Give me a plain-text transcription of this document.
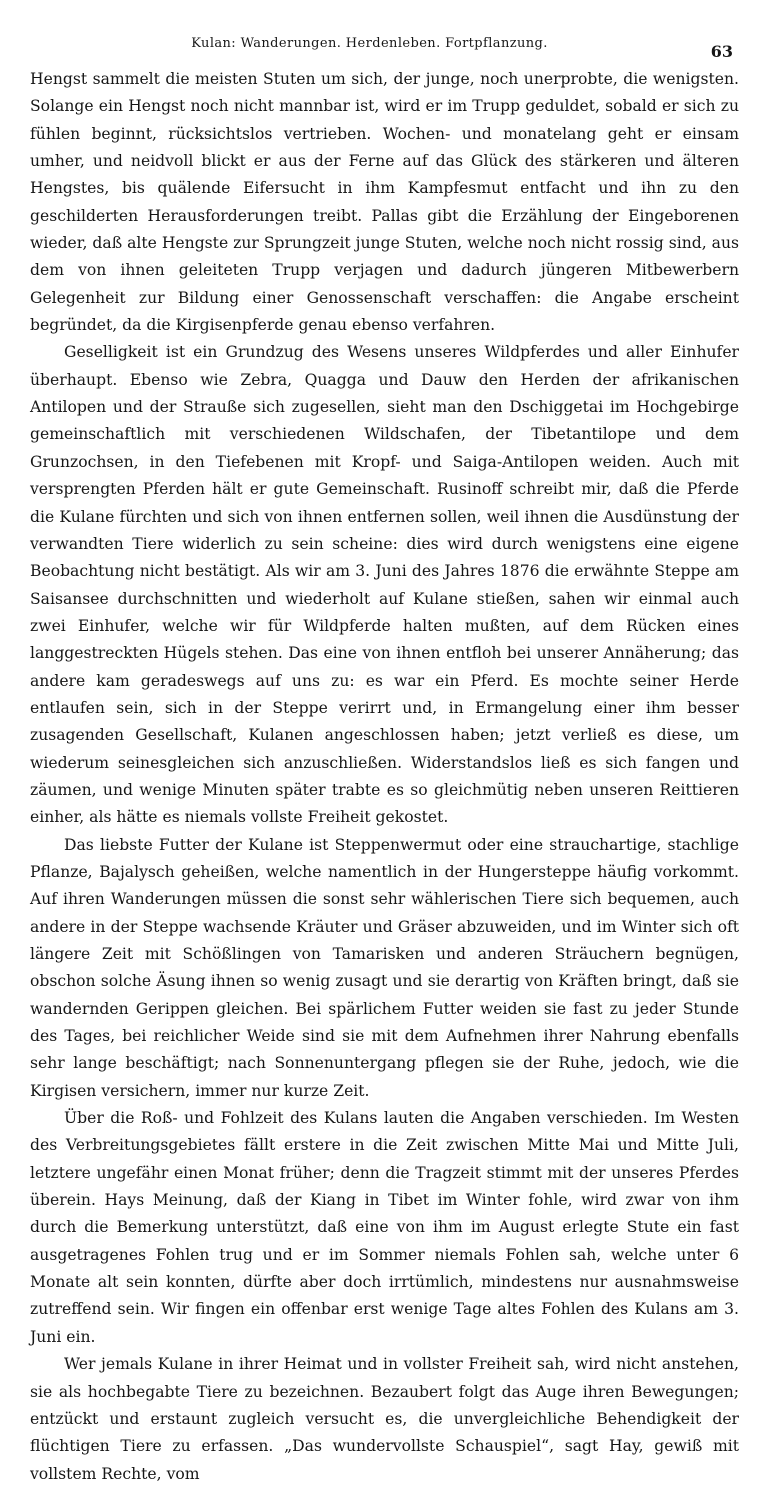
Kulan: Wanderungen. Herdenleben. Fortpflanzung.	63

Hengst sammelt die meisten Stuten um sich, der junge, noch unerprobte, die wenigsten. Solange ein Hengst noch nicht mannbar ist, wird er im Trupp geduldet, sobald er sich zu fühlen beginnt, rücksichtslos vertrieben. Wochen- und monatelang geht er einsam umher, und neidvoll blickt er aus der Ferne auf das Glück des stärkeren und älteren Hengstes, bis quälende Eifersucht in ihm Kampfesmut entfacht und ihn zu den geschilderten Herausforderungen treibt. Pallas gibt die Erzählung der Eingeborenen wieder, daß alte Hengste zur Sprungzeit junge Stuten, welche noch nicht rossig sind, aus dem von ihnen geleiteten Trupp verjagen und dadurch jüngeren Mitbewerbern Gelegenheit zur Bildung einer Genossenschaft verschaffen: die Angabe erscheint begründet, da die Kirgisenpferde genau ebenso verfahren.

Geselligkeit ist ein Grundzug des Wesens unseres Wildpferdes und aller Einhufer überhaupt. Ebenso wie Zebra, Quagga und Dauw den Herden der afrikanischen Antilopen und der Strauße sich zugesellen, sieht man den Dschiggetai im Hochgebirge gemeinschaftlich mit verschiedenen Wildschafen, der Tibetantilope und dem Grunzochsen, in den Tiefebenen mit Kropf- und Saiga-Antilopen weiden. Auch mit versprengten Pferden hält er gute Gemeinschaft. Rusinoff schreibt mir, daß die Pferde die Kulane fürchten und sich von ihnen entfernen sollen, weil ihnen die Ausdünstung der verwandten Tiere widerlich zu sein scheine: dies wird durch wenigstens eine eigene Beobachtung nicht bestätigt. Als wir am 3. Juni des Jahres 1876 die erwähnte Steppe am Saisansee durchschnitten und wiederholt auf Kulane stießen, sahen wir einmal auch zwei Einhufer, welche wir für Wildpferde halten mußten, auf dem Rücken eines langgestreckten Hügels stehen. Das eine von ihnen entfloh bei unserer Annäherung; das andere kam geradeswegs auf uns zu: es war ein Pferd. Es mochte seiner Herde entlaufen sein, sich in der Steppe verirrt und, in Ermangelung einer ihm besser zusagenden Gesellschaft, Kulanen angeschlossen haben; jetzt verließ es diese, um wiederum seinesgleichen sich anzuschließen. Widerstandslos ließ es sich fangen und zäumen, und wenige Minuten später trabte es so gleichmütig neben unseren Reittieren einher, als hätte es niemals vollste Freiheit gekostet.

Das liebste Futter der Kulane ist Steppenwermut oder eine strauchartige, stachlige Pflanze, Bajalysch geheißen, welche namentlich in der Hungersteppe häufig vorkommt. Auf ihren Wanderungen müssen die sonst sehr wählerischen Tiere sich bequemen, auch andere in der Steppe wachsende Kräuter und Gräser abzuweiden, und im Winter sich oft längere Zeit mit Schößlingen von Tamarisken und anderen Sträuchern begnügen, obschon solche Äsung ihnen so wenig zusagt und sie derartig von Kräften bringt, daß sie wandernden Gerippen gleichen. Bei spärlichem Futter weiden sie fast zu jeder Stunde des Tages, bei reichlicher Weide sind sie mit dem Aufnehmen ihrer Nahrung ebenfalls sehr lange beschäftigt; nach Sonnenuntergang pflegen sie der Ruhe, jedoch, wie die Kirgisen versichern, immer nur kurze Zeit.

Über die Roß- und Fohlzeit des Kulans lauten die Angaben verschieden. Im Westen des Verbreitungsgebietes fällt erstere in die Zeit zwischen Mitte Mai und Mitte Juli, letztere ungefähr einen Monat früher; denn die Tragzeit stimmt mit der unseres Pferdes überein. Hays Meinung, daß der Kiang in Tibet im Winter fohle, wird zwar von ihm durch die Bemerkung unterstützt, daß eine von ihm im August erlegte Stute ein fast ausgetragenes Fohlen trug und er im Sommer niemals Fohlen sah, welche unter 6 Monate alt sein konnten, dürfte aber doch irrtümlich, mindestens nur ausnahmsweise zutreffend sein. Wir fingen ein offenbar erst wenige Tage altes Fohlen des Kulans am 3. Juni ein.

Wer jemals Kulane in ihrer Heimat und in vollster Freiheit sah, wird nicht anstehen, sie als hochbegabte Tiere zu bezeichnen. Bezaubert folgt das Auge ihren Bewegungen; entzückt und erstaunt zugleich versucht es, die unvergleichliche Behendigkeit der flüchtigen Tiere zu erfassen. „Das wundervollste Schauspiel“, sagt Hay, gewiß mit vollstem Rechte, vom
